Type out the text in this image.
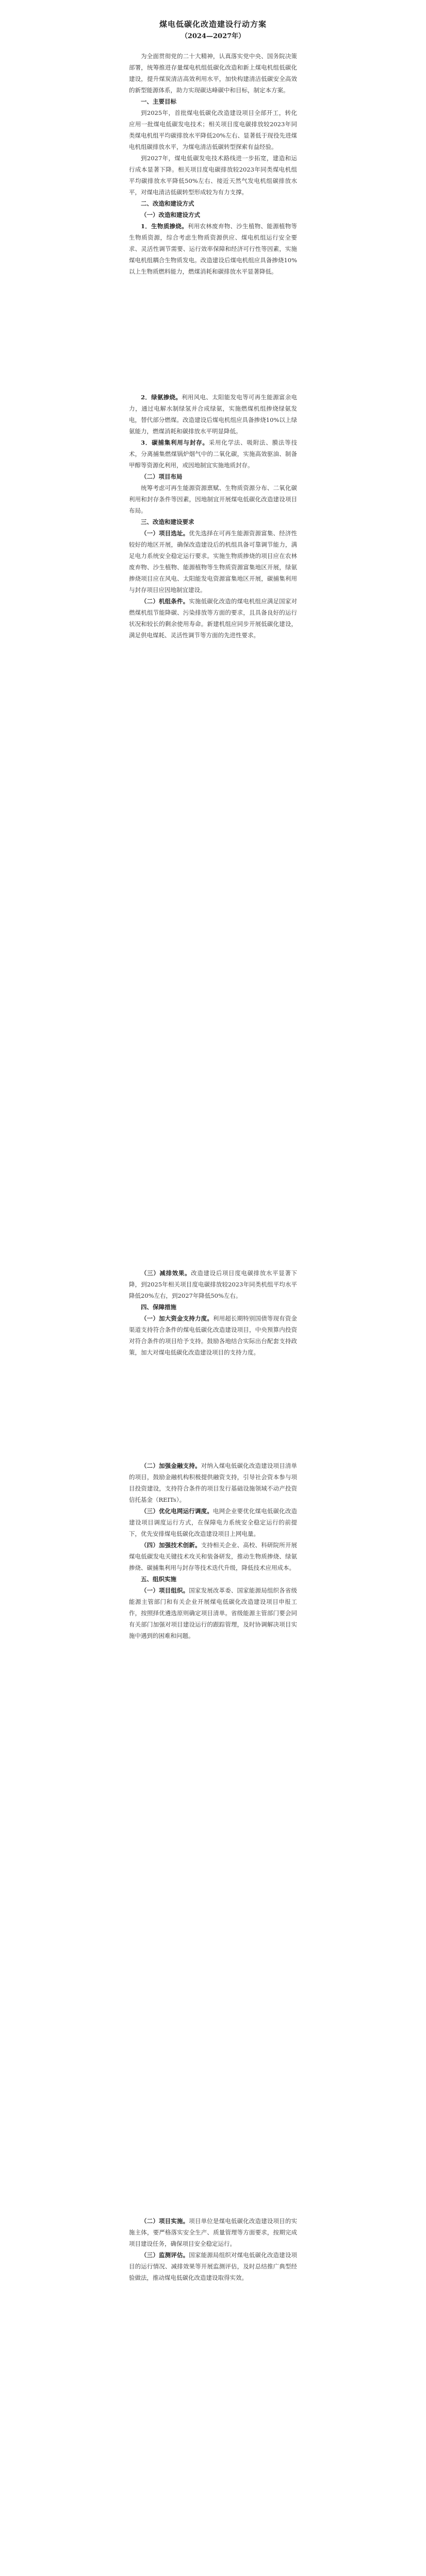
煤电低碳化改造建设行动方案
（2024—2027年）

为全面贯彻党的二十大精神，认真落实党中央、国务院决策部署，统筹推进存量煤电机组低碳化改造和新上煤电机组低碳化建设，提升煤炭清洁高效利用水平，加快构建清洁低碳安全高效的新型能源体系，助力实现碳达峰碳中和目标，制定本方案。

一、主要目标

到2025年，首批煤电低碳化改造建设项目全部开工，转化应用一批煤电低碳发电技术；相关项目度电碳排放较2023年同类煤电机组平均碳排放水平降低20%左右、显著低于现役先进煤电机组碳排放水平，为煤电清洁低碳转型探索有益经验。

到2027年，煤电低碳发电技术路线进一步拓宽，建造和运行成本显著下降。相关项目度电碳排放较2023年同类煤电机组平均碳排放水平降低50%左右、接近天然气发电机组碳排放水平，对煤电清洁低碳转型形成较为有力支撑。

二、改造和建设方式
（一）改造和建设方式

1．生物质掺烧。利用农林废弃物、沙生植物、能源植物等生物质资源，综合考虑生物质资源供应、煤电机组运行安全要求、灵活性调节需要、运行效率保障和经济可行性等因素，实施煤电机组耦合生物质发电。改造建设后煤电机组应具备掺烧10%以上生物质燃料能力，燃煤消耗和碳排放水平显著降低。

2．绿氨掺烧。利用风电、太阳能发电等可再生能源富余电力，通过电解水制绿氢并合成绿氨，实施燃煤机组掺烧绿氨发电，替代部分燃煤。改造建设后煤电机组应具备掺烧10%以上绿氨能力，燃煤消耗和碳排放水平明显降低。

3．碳捕集利用与封存。采用化学法、吸附法、膜法等技术，分离捕集燃煤锅炉烟气中的二氧化碳，实施高效驱油、制备甲醇等资源化利用，或因地制宜实施地质封存。

（二）项目布局

统筹考虑可再生能源资源禀赋、生物质资源分布、二氧化碳利用和封存条件等因素，因地制宜开展煤电低碳化改造建设项目布局。

三、改造和建设要求

（一）项目选址。优先选择在可再生能源资源富集、经济性较好的地区开展，确保改造建设后的机组具备可靠调节能力，满足电力系统安全稳定运行要求。实施生物质掺烧的项目应在农林废弃物、沙生植物、能源植物等生物质资源富集地区开展，绿氨掺烧项目应在风电、太阳能发电资源富集地区开展，碳捕集利用与封存项目应因地制宜建设。

（二）机组条件。实施低碳化改造的煤电机组应满足国家对燃煤机组节能降碳、污染排放等方面的要求，且具备良好的运行状况和较长的剩余使用寿命。新建机组应同步开展低碳化建设，满足供电煤耗、灵活性调节等方面的先进性要求。

（三）减排效果。改造建设后项目度电碳排放水平显著下降，到2025年相关项目度电碳排放较2023年同类机组平均水平降低20%左右，到2027年降低50%左右。

四、保障措施

（一）加大资金支持力度。利用超长期特别国债等现有资金渠道支持符合条件的煤电低碳化改造建设项目，中央预算内投资对符合条件的项目给予支持。鼓励各地结合实际出台配套支持政策，加大对煤电低碳化改造建设项目的支持力度。

（二）加强金融支持。对纳入煤电低碳化改造建设项目清单的项目，鼓励金融机构积极提供融资支持，引导社会资本参与项目投资建设，支持符合条件的项目发行基础设施领域不动产投资信托基金（REITs）。

（三）优化电网运行调度。电网企业要优化煤电低碳化改造建设项目调度运行方式，在保障电力系统安全稳定运行的前提下，优先安排煤电低碳化改造建设项目上网电量。

（四）加强技术创新。支持相关企业、高校、科研院所开展煤电低碳发电关键技术攻关和装备研发，推动生物质掺烧、绿氨掺烧、碳捕集利用与封存等技术迭代升级，降低技术应用成本。

五、组织实施

（一）项目组织。国家发展改革委、国家能源局组织各省级能源主管部门和有关企业开展煤电低碳化改造建设项目申报工作，按照择优遴选原则确定项目清单。省级能源主管部门要会同有关部门加强对项目建设运行的跟踪管理，及时协调解决项目实施中遇到的困难和问题。

（二）项目实施。项目单位是煤电低碳化改造建设项目的实施主体，要严格落实安全生产、质量管理等方面要求，按期完成项目建设任务，确保项目安全稳定运行。

（三）监测评估。国家能源局组织对煤电低碳化改造建设项目的运行情况、减排效果等开展监测评估，及时总结推广典型经验做法，推动煤电低碳化改造建设取得实效。
